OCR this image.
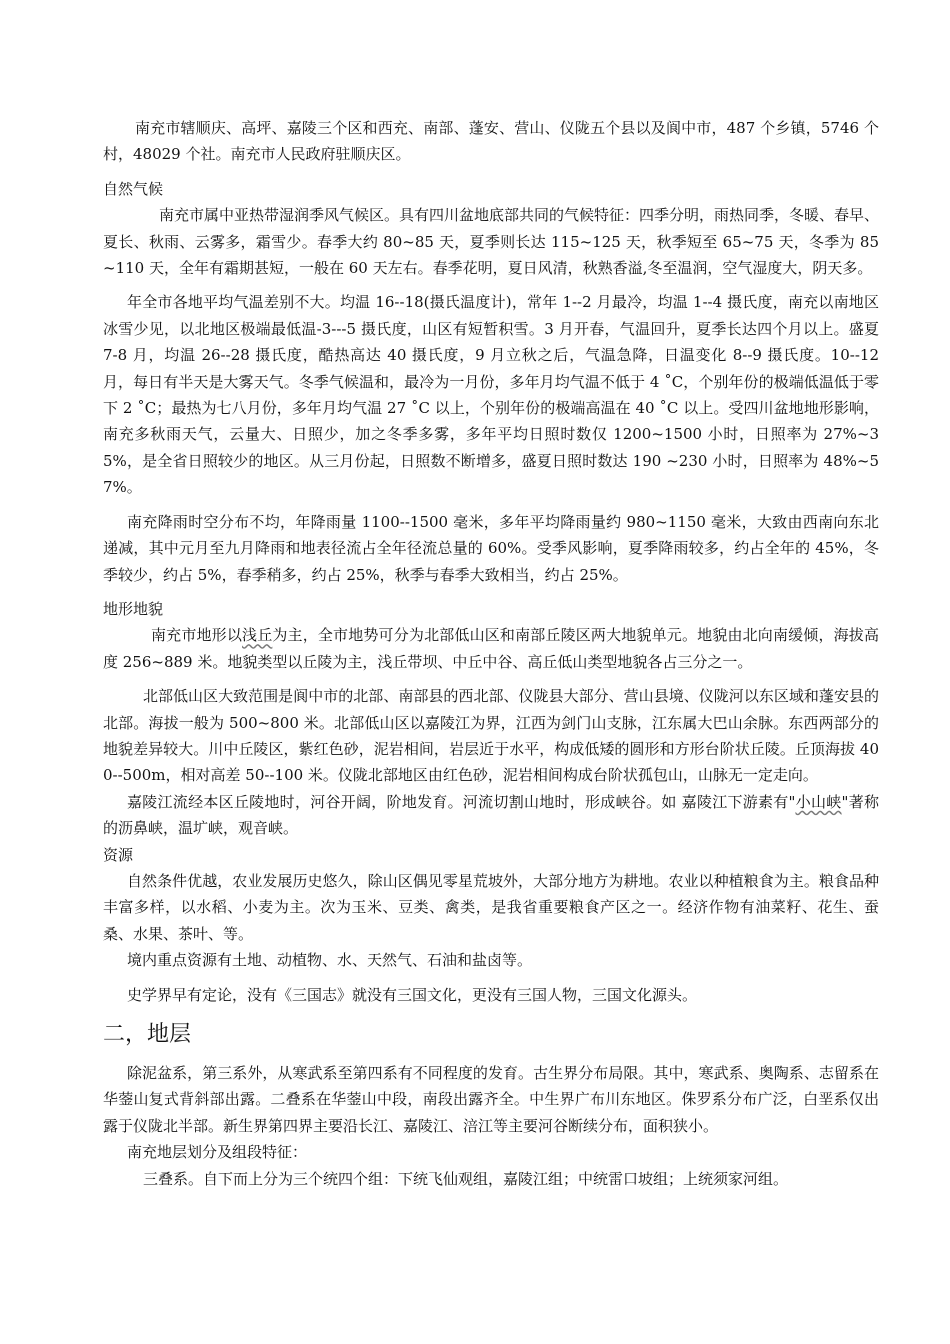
南充市辖顺庆、高坪、嘉陵三个区和西充、南部、蓬安、营山、仪陇五个县以及阆中市，487 个乡镇，5746 个村，48029 个社。南充市人民政府驻顺庆区。

自然气候

南充市属中亚热带湿润季风气候区。具有四川盆地底部共同的气候特征：四季分明，雨热同季，冬暖、春早、夏长、秋雨、云雾多，霜雪少。春季大约 80~85 天，夏季则长达 115~125 天，秋季短至 65~75 天，冬季为 85~110 天，全年有霜期甚短，一般在 60 天左右。春季花明，夏日风清，秋熟香溢,冬至温润，空气湿度大，阴天多。

年全市各地平均气温差别不大。均温 16--18(摄氏温度计)，常年 1--2 月最冷，均温 1--4 摄氏度，南充以南地区冰雪少见，以北地区极端最低温-3---5 摄氏度，山区有短暂积雪。3 月开春，气温回升，夏季长达四个月以上。盛夏 7-8 月，均温 26--28 摄氏度，酷热高达 40 摄氏度，9 月立秋之后，气温急降，日温变化 8--9 摄氏度。10--12 月，每日有半天是大雾天气。冬季气候温和，最冷为一月份，多年月均气温不低于 4 ˚C，个别年份的极端低温低于零下 2 ˚C；最热为七八月份，多年月均气温 27 ˚C 以上，个别年份的极端高温在 40 ˚C 以上。受四川盆地地形影响，南充多秋雨天气，云量大、日照少，加之冬季多雾，多年平均日照时数仅 1200~1500 小时，日照率为 27%~35%，是全省日照较少的地区。从三月份起，日照数不断增多，盛夏日照时数达 190 ~230 小时，日照率为 48%~57%。

南充降雨时空分布不均，年降雨量 1100--1500 毫米，多年平均降雨量约 980~1150 毫米，大致由西南向东北递减，其中元月至九月降雨和地表径流占全年径流总量的 60%。受季风影响，夏季降雨较多，约占全年的 45%，冬季较少，约占 5%，春季稍多，约占 25%，秋季与春季大致相当，约占 25%。

地形地貌

南充市地形以浅丘为主，全市地势可分为北部低山区和南部丘陵区两大地貌单元。地貌由北向南缓倾，海拔高度 256~889 米。地貌类型以丘陵为主，浅丘带坝、中丘中谷、高丘低山类型地貌各占三分之一。

北部低山区大致范围是阆中市的北部、南部县的西北部、仪陇县大部分、营山县境、仪陇河以东区域和蓬安县的北部。海拔一般为 500~800 米。北部低山区以嘉陵江为界，江西为剑门山支脉，江东属大巴山余脉。东西两部分的地貌差异较大。川中丘陵区，紫红色砂，泥岩相间，岩层近于水平，构成低矮的圆形和方形台阶状丘陵。丘顶海拔 400--500m，相对高差 50--100 米。仪陇北部地区由红色砂，泥岩相间构成台阶状孤包山，山脉无一定走向。

嘉陵江流经本区丘陵地时，河谷开阔，阶地发育。河流切割山地时，形成峡谷。如 嘉陵江下游素有"小山峡"著称的沥鼻峡，温圹峡，观音峡。

资源

自然条件优越，农业发展历史悠久，除山区偶见零星荒坡外，大部分地方为耕地。农业以种植粮食为主。粮食品种丰富多样，以水稻、小麦为主。次为玉米、豆类、禽类，是我省重要粮食产区之一。经济作物有油菜籽、花生、蚕桑、水果、茶叶、等。

境内重点资源有土地、动植物、水、天然气、石油和盐卤等。

史学界早有定论，没有《三国志》就没有三国文化，更没有三国人物，三国文化源头。

二，地层

除泥盆系，第三系外，从寒武系至第四系有不同程度的发育。古生界分布局限。其中，寒武系、奥陶系、志留系在华蓥山复式背斜部出露。二叠系在华蓥山中段，南段出露齐全。中生界广布川东地区。侏罗系分布广泛，白垩系仅出露于仪陇北半部。新生界第四界主要沿长江、嘉陵江、涪江等主要河谷断续分布，面积狭小。

南充地层划分及组段特征：

三叠系。自下而上分为三个统四个组：下统飞仙观组，嘉陵江组；中统雷口坡组；上统须家河组。
